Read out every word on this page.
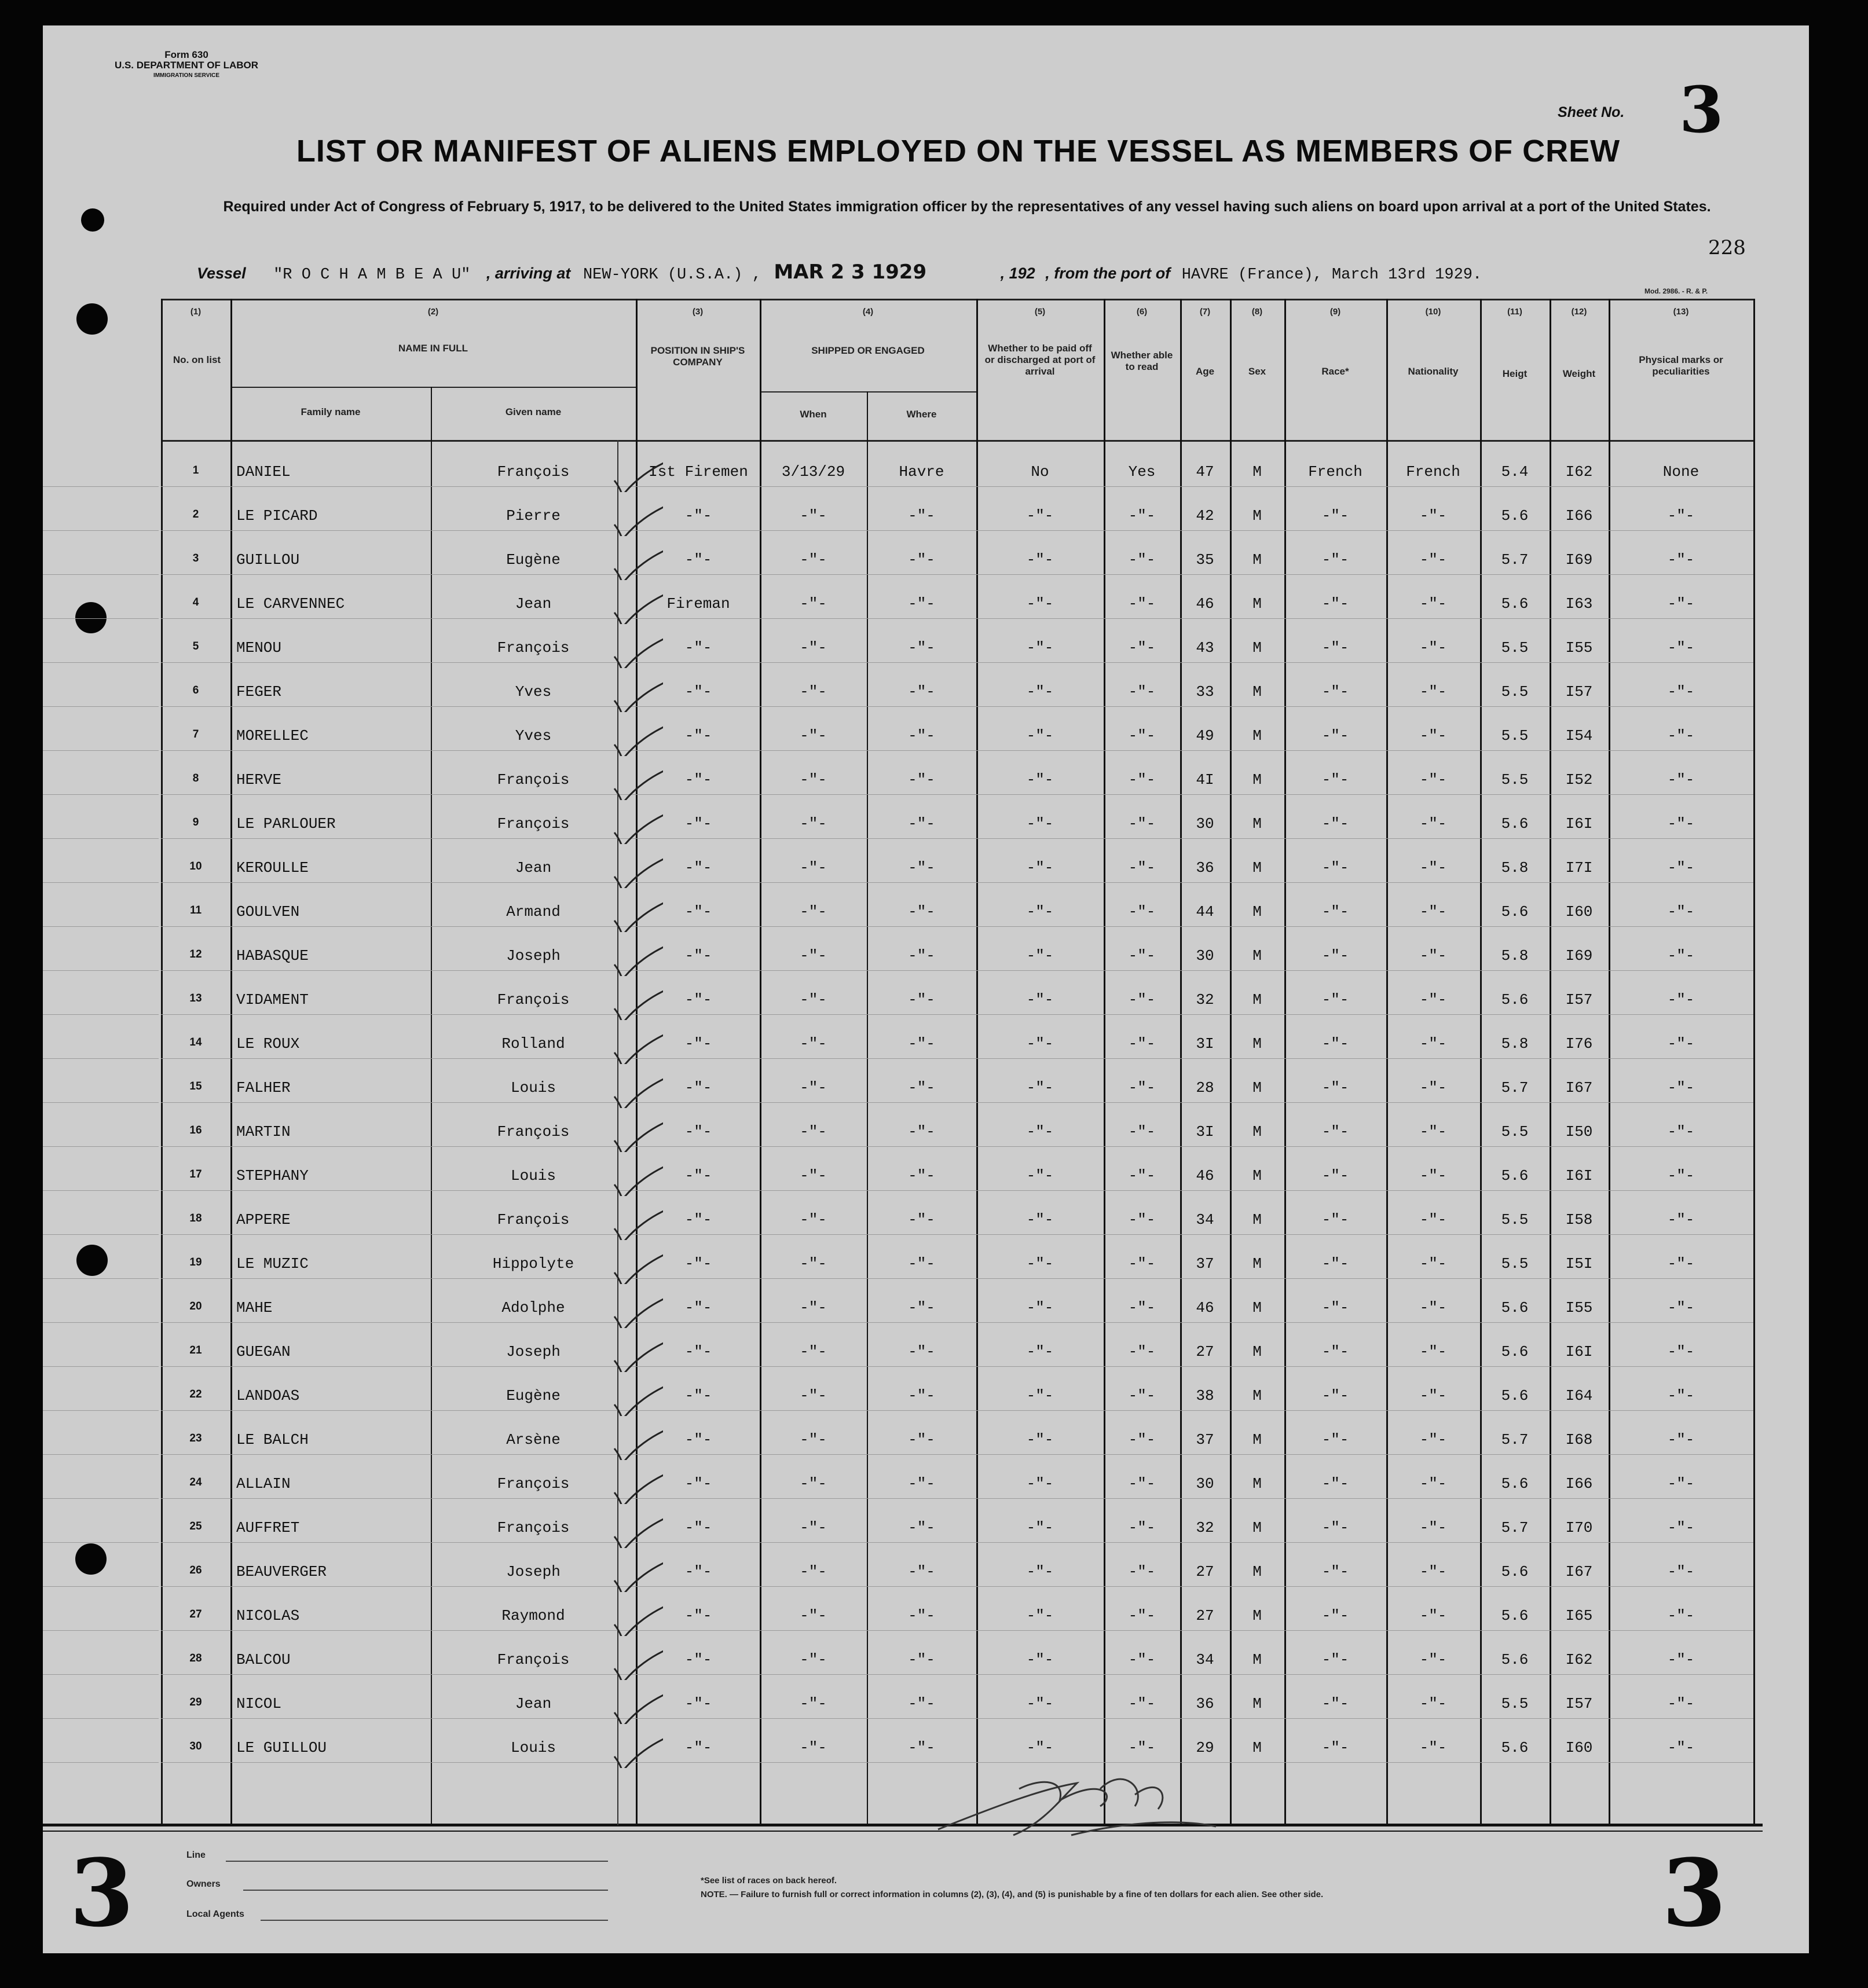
Form 630
U.S. DEPARTMENT OF LABOR
IMMIGRATION SERVICE
Sheet No. 3
LIST OR MANIFEST OF ALIENS EMPLOYED ON THE VESSEL AS MEMBERS OF CREW
Required under Act of Congress of February 5, 1917, to be delivered to the United States immigration officer by the representatives of any vessel having such aliens on board upon arrival at a port of the United States.
228
Vessel "R O C H A M B E A U" , arriving at NEW-YORK (U.S.A.) , MAR 2 3 1929	, 192 , from the port of HAVRE (France), March 13rd 1929.
Mod. 2986. - R. & P.
(1)
No. on list
(2)
NAME IN FULL
Family name	Given name
(3)
POSITION IN SHIP'S COMPANY
(4)
SHIPPED OR ENGAGED
When	Where
(5)
Whether to be paid off or discharged at port of arrival
(6)
Whether able to read
(7)
Age
(8)
Sex
(9)
Race*
(10)
Nationality
(11)
Heigt
(12)
Weight
(13)
Physical marks or peculiarities
1	DANIEL	François	Ist Firemen	3/13/29	Havre	No	Yes	47	M	French	French	5.4	I62	None
2	LE PICARD	Pierre	-"-	-"-	-"-	-"-	-"-	42	M	-"-	-"-	5.6	I66	-"-
3	GUILLOU	Eugène	-"-	-"-	-"-	-"-	-"-	35	M	-"-	-"-	5.7	I69	-"-
4	LE CARVENNEC	Jean	Fireman	-"-	-"-	-"-	-"-	46	M	-"-	-"-	5.6	I63	-"-
5	MENOU	François	-"-	-"-	-"-	-"-	-"-	43	M	-"-	-"-	5.5	I55	-"-
6	FEGER	Yves	-"-	-"-	-"-	-"-	-"-	33	M	-"-	-"-	5.5	I57	-"-
7	MORELLEC	Yves	-"-	-"-	-"-	-"-	-"-	49	M	-"-	-"-	5.5	I54	-"-
8	HERVE	François	-"-	-"-	-"-	-"-	-"-	4I	M	-"-	-"-	5.5	I52	-"-
9	LE PARLOUER	François	-"-	-"-	-"-	-"-	-"-	30	M	-"-	-"-	5.6	I6I	-"-
10	KEROULLE	Jean	-"-	-"-	-"-	-"-	-"-	36	M	-"-	-"-	5.8	I7I	-"-
11	GOULVEN	Armand	-"-	-"-	-"-	-"-	-"-	44	M	-"-	-"-	5.6	I60	-"-
12	HABASQUE	Joseph	-"-	-"-	-"-	-"-	-"-	30	M	-"-	-"-	5.8	I69	-"-
13	VIDAMENT	François	-"-	-"-	-"-	-"-	-"-	32	M	-"-	-"-	5.6	I57	-"-
14	LE ROUX	Rolland	-"-	-"-	-"-	-"-	-"-	3I	M	-"-	-"-	5.8	I76	-"-
15	FALHER	Louis	-"-	-"-	-"-	-"-	-"-	28	M	-"-	-"-	5.7	I67	-"-
16	MARTIN	François	-"-	-"-	-"-	-"-	-"-	3I	M	-"-	-"-	5.5	I50	-"-
17	STEPHANY	Louis	-"-	-"-	-"-	-"-	-"-	46	M	-"-	-"-	5.6	I6I	-"-
18	APPERE	François	-"-	-"-	-"-	-"-	-"-	34	M	-"-	-"-	5.5	I58	-"-
19	LE MUZIC	Hippolyte	-"-	-"-	-"-	-"-	-"-	37	M	-"-	-"-	5.5	I5I	-"-
20	MAHE	Adolphe	-"-	-"-	-"-	-"-	-"-	46	M	-"-	-"-	5.6	I55	-"-
21	GUEGAN	Joseph	-"-	-"-	-"-	-"-	-"-	27	M	-"-	-"-	5.6	I6I	-"-
22	LANDOAS	Eugène	-"-	-"-	-"-	-"-	-"-	38	M	-"-	-"-	5.6	I64	-"-
23	LE BALCH	Arsène	-"-	-"-	-"-	-"-	-"-	37	M	-"-	-"-	5.7	I68	-"-
24	ALLAIN	François	-"-	-"-	-"-	-"-	-"-	30	M	-"-	-"-	5.6	I66	-"-
25	AUFFRET	François	-"-	-"-	-"-	-"-	-"-	32	M	-"-	-"-	5.7	I70	-"-
26	BEAUVERGER	Joseph	-"-	-"-	-"-	-"-	-"-	27	M	-"-	-"-	5.6	I67	-"-
27	NICOLAS	Raymond	-"-	-"-	-"-	-"-	-"-	27	M	-"-	-"-	5.6	I65	-"-
28	BALCOU	François	-"-	-"-	-"-	-"-	-"-	34	M	-"-	-"-	5.6	I62	-"-
29	NICOL	Jean	-"-	-"-	-"-	-"-	-"-	36	M	-"-	-"-	5.5	I57	-"-
30	LE GUILLOU	Louis	-"-	-"-	-"-	-"-	-"-	29	M	-"-	-"-	5.6	I60	-"-
Line
Owners
Local Agents
*See list of races on back hereof.
NOTE. — Failure to furnish full or correct information in columns (2), (3), (4), and (5) is punishable by a fine of ten dollars for each alien. See other side.
3	3
